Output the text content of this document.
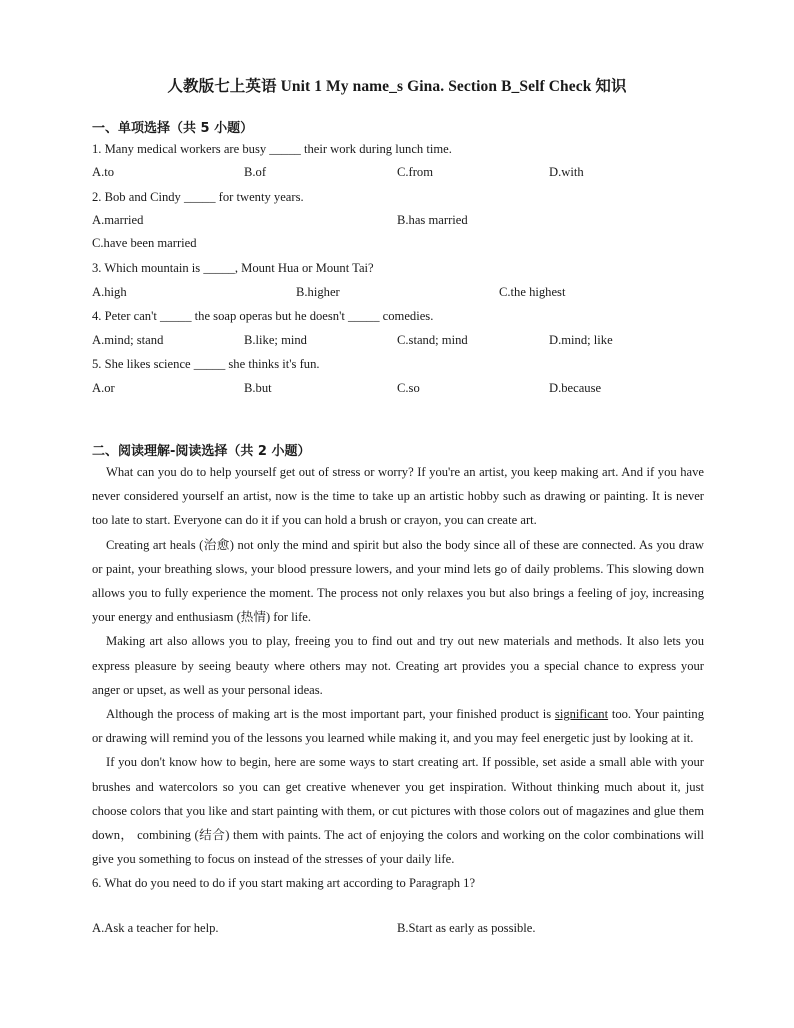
人教版七上英语 Unit 1 My name_s Gina. Section B_Self Check 知识
一、单项选择（共 5 小题）
1. Many medical workers are busy _____ their work during lunch time.
A.to	B.of	C.from	D.with
2. Bob and Cindy _____ for twenty years.
A.married	B.has married
C.have been married
3. Which mountain is _____, Mount Hua or Mount Tai?
A.high	B.higher	C.the highest
4. Peter can't _____ the soap operas but he doesn't _____ comedies.
A.mind; stand	B.like; mind	C.stand; mind	D.mind; like
5. She likes science _____ she thinks it's fun.
A.or	B.but	C.so	D.because
二、阅读理解-阅读选择（共 2 小题）
What can you do to help yourself get out of stress or worry? If you're an artist, you keep making art. And if you have never considered yourself an artist, now is the time to take up an artistic hobby such as drawing or painting. It is never too late to start. Everyone can do it if you can hold a brush or crayon, you can create art.
Creating art heals (治愈) not only the mind and spirit but also the body since all of these are connected. As you draw or paint, your breathing slows, your blood pressure lowers, and your mind lets go of daily problems. This slowing down allows you to fully experience the moment. The process not only relaxes you but also brings a feeling of joy, increasing your energy and enthusiasm (热情) for life.
Making art also allows you to play, freeing you to find out and try out new materials and methods. It also lets you express pleasure by seeing beauty where others may not. Creating art provides you a special chance to express your anger or upset, as well as your personal ideas.
Although the process of making art is the most important part, your finished product is significant too. Your painting or drawing will remind you of the lessons you learned while making it, and you may feel energetic just by looking at it.
If you don't know how to begin, here are some ways to start creating art. If possible, set aside a small able with your brushes and watercolors so you can get creative whenever you get inspiration. Without thinking much about it, just choose colors that you like and start painting with them, or cut pictures with those colors out of magazines and glue them down， combining (结合) them with paints. The act of enjoying the colors and working on the color combinations will give you something to focus on instead of the stresses of your daily life.
6. What do you need to do if you start making art according to Paragraph 1?
A.Ask a teacher for help.	B.Start as early as possible.
